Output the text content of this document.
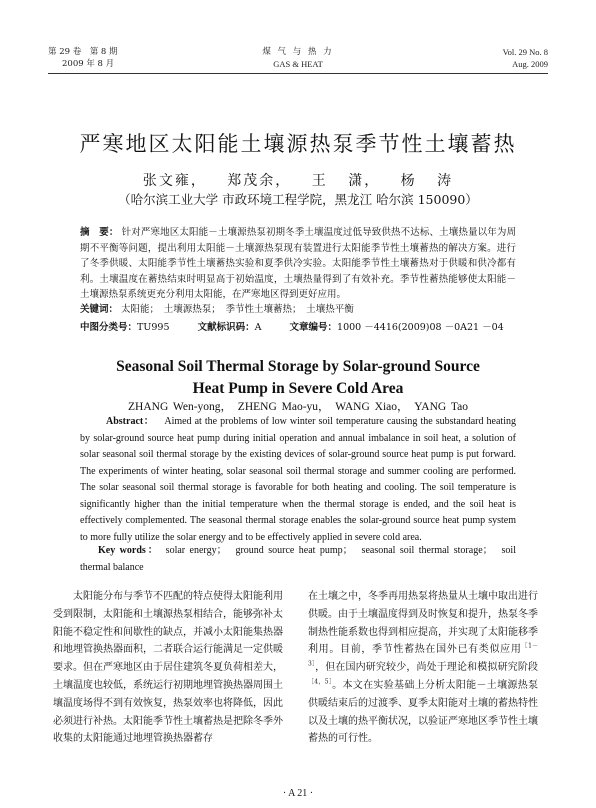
第 29 卷　第 8 期
2009 年 8 月
煤 气 与 热 力
GAS & HEAT
Vol. 29 No. 8
Aug. 2009
严寒地区太阳能土壤源热泵季节性土壤蓄热
张文雍， 郑茂余， 王 潇， 杨 涛
（哈尔滨工业大学 市政环境工程学院，黑龙江 哈尔滨 150090）
摘　要： 针对严寒地区太阳能－土壤源热泵初期冬季土壤温度过低导致供热不达标、土壤热量以年为周期不平衡等问题，提出利用太阳能－土壤源热泵现有装置进行太阳能季节性土壤蓄热的解决方案。进行了冬季供暖、太阳能季节性土壤蓄热实验和夏季供冷实验。太阳能季节性土壤蓄热对于供暖和供冷都有利。土壤温度在蓄热结束时明显高于初始温度，土壤热量得到了有效补充。季节性蓄热能够使太阳能－土壤源热泵系统更充分利用太阳能，在严寒地区得到更好应用。
关键词： 太阳能；　土壤源热泵；　季节性土壤蓄热；　土壤热平衡
中图分类号：TU995	文献标识码：A	文章编号：1000 －4416(2009)08 －0A21 －04
Seasonal Soil Thermal Storage by Solar-ground Source
Heat Pump in Severe Cold Area
ZHANG Wen-yong，　ZHENG Mao-yu，　WANG Xiao，　YANG Tao
Abstract： Aimed at the problems of low winter soil temperature causing the substandard heating by solar-ground source heat pump during initial operation and annual imbalance in soil heat, a solution of solar seasonal soil thermal storage by the existing devices of solar-ground source heat pump is put forward. The experiments of winter heating, solar seasonal soil thermal storage and summer cooling are performed. The solar seasonal soil thermal storage is favorable for both heating and cooling. The soil temperature is significantly higher than the initial temperature when the thermal storage is ended, and the soil heat is effectively complemented. The seasonal thermal storage enables the solar-ground source heat pump system to more fully utilize the solar energy and to be effectively applied in severe cold area.
Key words： solar energy；　ground source heat pump；　seasonal soil thermal storage；　soil thermal balance
太阳能分布与季节不匹配的特点使得太阳能利用受到限制，太阳能和土壤源热泵相结合，能够弥补太阳能不稳定性和间歇性的缺点，并减小太阳能集热器和地埋管换热器面积，二者联合运行能满足一定供暖要求。但在严寒地区由于居住建筑冬夏负荷相差大，土壤温度也较低，系统运行初期地埋管换热器周围土壤温度场得不到有效恢复，热泵效率也将降低，因此必须进行补热。太阳能季节性土壤蓄热是把除冬季外收集的太阳能通过地埋管换热器蓄存
在土壤之中，冬季再用热泵将热量从土壤中取出进行供暖。由于土壤温度得到及时恢复和提升，热泵冬季制热性能系数也得到相应提高，并实现了太阳能移季利用。目前，季节性蓄热在国外已有类似应用$^{[1-3]}$，但在国内研究较少，尚处于理论和模拟研究阶段$^{[4,5]}$。本文在实验基础上分析太阳能－土壤源热泵供暖结束后的过渡季、夏季太阳能对土壤的蓄热特性以及土壤的热平衡状况，以验证严寒地区季节性土壤蓄热的可行性。
· A 21 ·
